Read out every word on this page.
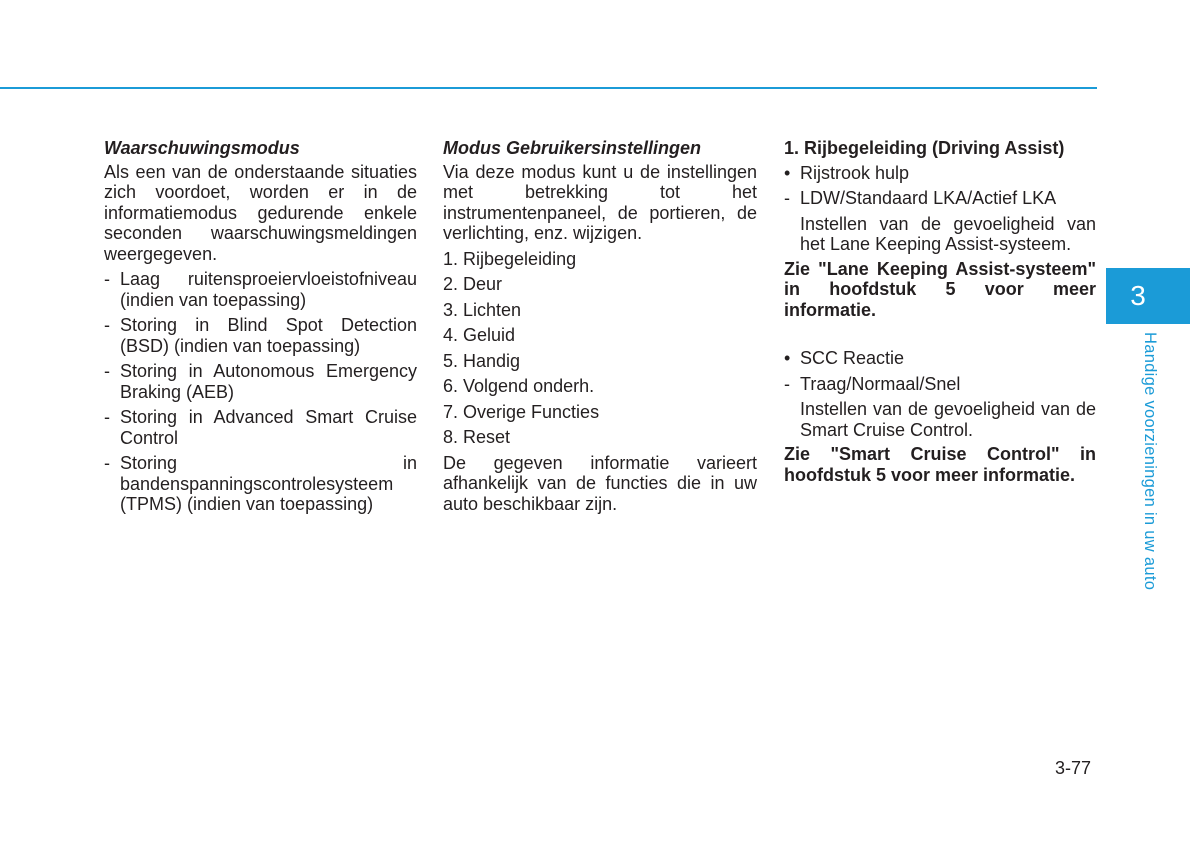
Waarschuwingsmodus
Als een van de onderstaande situaties zich voordoet, worden er in de informatiemodus gedurende enkele seconden waarschuwingsmeldingen weergegeven.
- Laag ruitensproeiervloeistofniveau (indien van toepassing)
- Storing in Blind Spot Detection (BSD) (indien van toepassing)
- Storing in Autonomous Emergency Braking (AEB)
- Storing in Advanced Smart Cruise Control
- Storing in bandenspanningscontrolesysteem (TPMS) (indien van toepassing)
Modus Gebruikersinstellingen
Via deze modus kunt u de instellingen met betrekking tot het instrumentenpaneel, de portieren, de verlichting, enz. wijzigen.
1. Rijbegeleiding
2. Deur
3. Lichten
4. Geluid
5. Handig
6. Volgend onderh.
7. Overige Functies
8. Reset
De gegeven informatie varieert afhankelijk van de functies die in uw auto beschikbaar zijn.
1. Rijbegeleiding (Driving Assist)
• Rijstrook hulp
- LDW/Standaard LKA/Actief LKA
Instellen van de gevoeligheid van het Lane Keeping Assist-systeem.
Zie "Lane Keeping Assist-systeem" in hoofdstuk 5 voor meer informatie.
• SCC Reactie
- Traag/Normaal/Snel
Instellen van de gevoeligheid van de Smart Cruise Control.
Zie "Smart Cruise Control" in hoofdstuk 5 voor meer informatie.
3
Handige voorzieningen in uw auto
3-77
